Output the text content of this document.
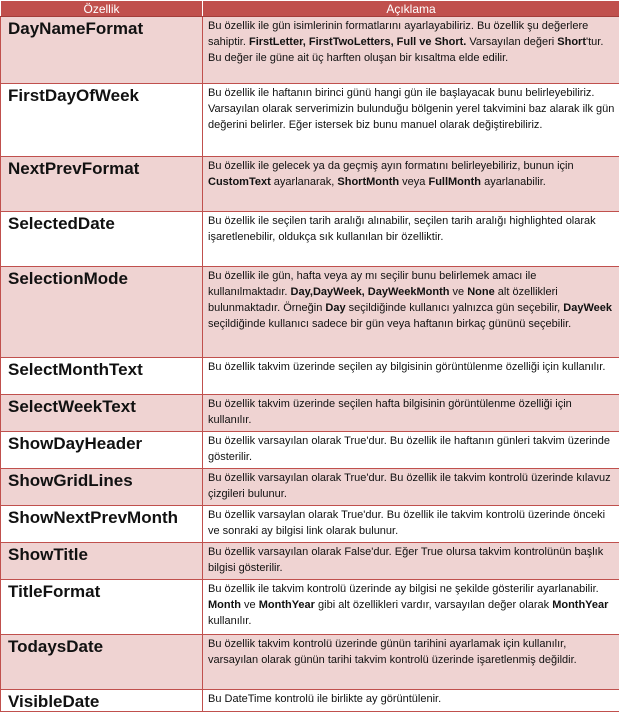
Özellik	Açıklama
DayNameFormat	Bu özellik ile gün isimlerinin formatlarını ayarlayabiliriz. Bu özellik şu değerlere sahiptir. FirstLetter, FirstTwoLetters, Full ve Short. Varsayılan değeri Short'tur. Bu değer ile güne ait üç harften oluşan bir kısaltma elde edilir.
FirstDayOfWeek	Bu özellik ile haftanın birinci günü hangi gün ile başlayacak bunu belirleyebiliriz. Varsayılan olarak serverimizin bulunduğu bölgenin yerel takvimini baz alarak ilk gün değerini belirler. Eğer istersek biz bunu manuel olarak değiştirebiliriz.
NextPrevFormat	Bu özellik ile gelecek ya da geçmiş ayın formatını belirleyebiliriz, bunun için CustomText ayarlanarak, ShortMonth veya FullMonth ayarlanabilir.
SelectedDate	Bu özellik ile seçilen tarih aralığı alınabilir, seçilen tarih aralığı highlighted olarak işaretlenebilir, oldukça sık kullanılan bir özelliktir.
SelectionMode	Bu özellik ile gün, hafta veya ay mı seçilir bunu belirlemek amacı ile kullanılmaktadır. Day,DayWeek, DayWeekMonth ve None alt özellikleri bulunmaktadır. Örneğin Day seçildiğinde kullanıcı yalnızca gün seçebilir, DayWeek seçildiğinde kullanıcı sadece bir gün veya haftanın birkaç gününü seçebilir.
SelectMonthText	Bu özellik takvim üzerinde seçilen ay bilgisinin görüntülenme özelliği için kullanılır.
SelectWeekText	Bu özellik takvim üzerinde seçilen hafta bilgisinin görüntülenme özelliği için kullanılır.
ShowDayHeader	Bu özellik varsayılan olarak True'dur. Bu özellik ile haftanın günleri takvim üzerinde gösterilir.
ShowGridLines	Bu özellik varsayılan olarak True'dur. Bu özellik ile takvim kontrolü üzerinde kılavuz çizgileri bulunur.
ShowNextPrevMonth	Bu özellik varsaylan olarak True'dur. Bu özellik ile takvim kontrolü üzerinde önceki ve sonraki ay bilgisi link olarak bulunur.
ShowTitle	Bu özellik varsayılan olarak False'dur. Eğer True olursa takvim kontrolünün başlık bilgisi gösterilir.
TitleFormat	Bu özellik ile takvim kontrolü üzerinde ay bilgisi ne şekilde gösterilir ayarlanabilir. Month ve MonthYear gibi alt özellikleri vardır, varsayılan değer olarak MonthYear kullanılır.
TodaysDate	Bu özellik takvim kontrolü üzerinde günün tarihini ayarlamak için kullanılır, varsayılan olarak günün tarihi takvim kontrolü üzerinde işaretlenmiş değildir.
VisibleDate	Bu DateTime kontrolü ile birlikte ay görüntülenir.
